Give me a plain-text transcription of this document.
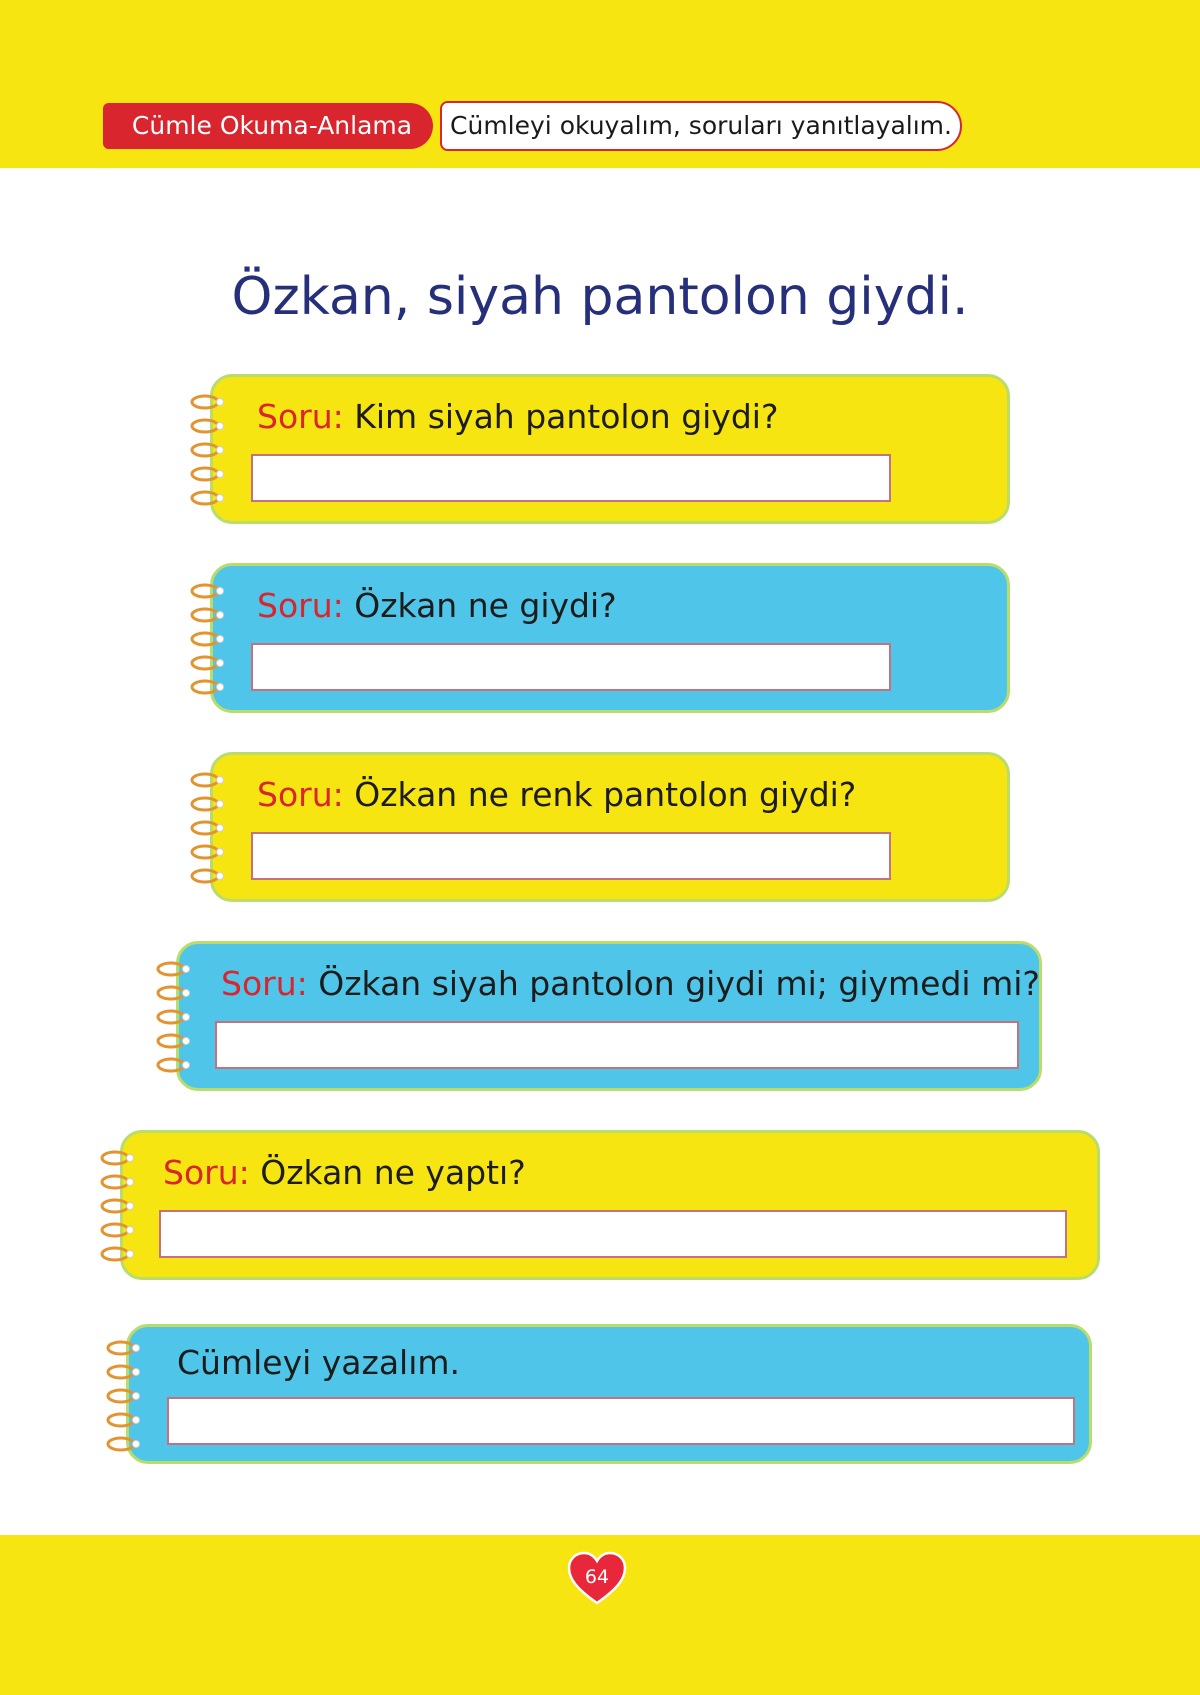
Cümle Okuma-Anlama	Cümleyi okuyalım, soruları yanıtlayalım.
Özkan, siyah pantolon giydi.
Soru: Kim siyah pantolon giydi?
Soru: Özkan ne giydi?
Soru: Özkan ne renk pantolon giydi?
Soru: Özkan siyah pantolon giydi mi; giymedi mi?
Soru: Özkan ne yaptı?
Cümleyi yazalım.
64
